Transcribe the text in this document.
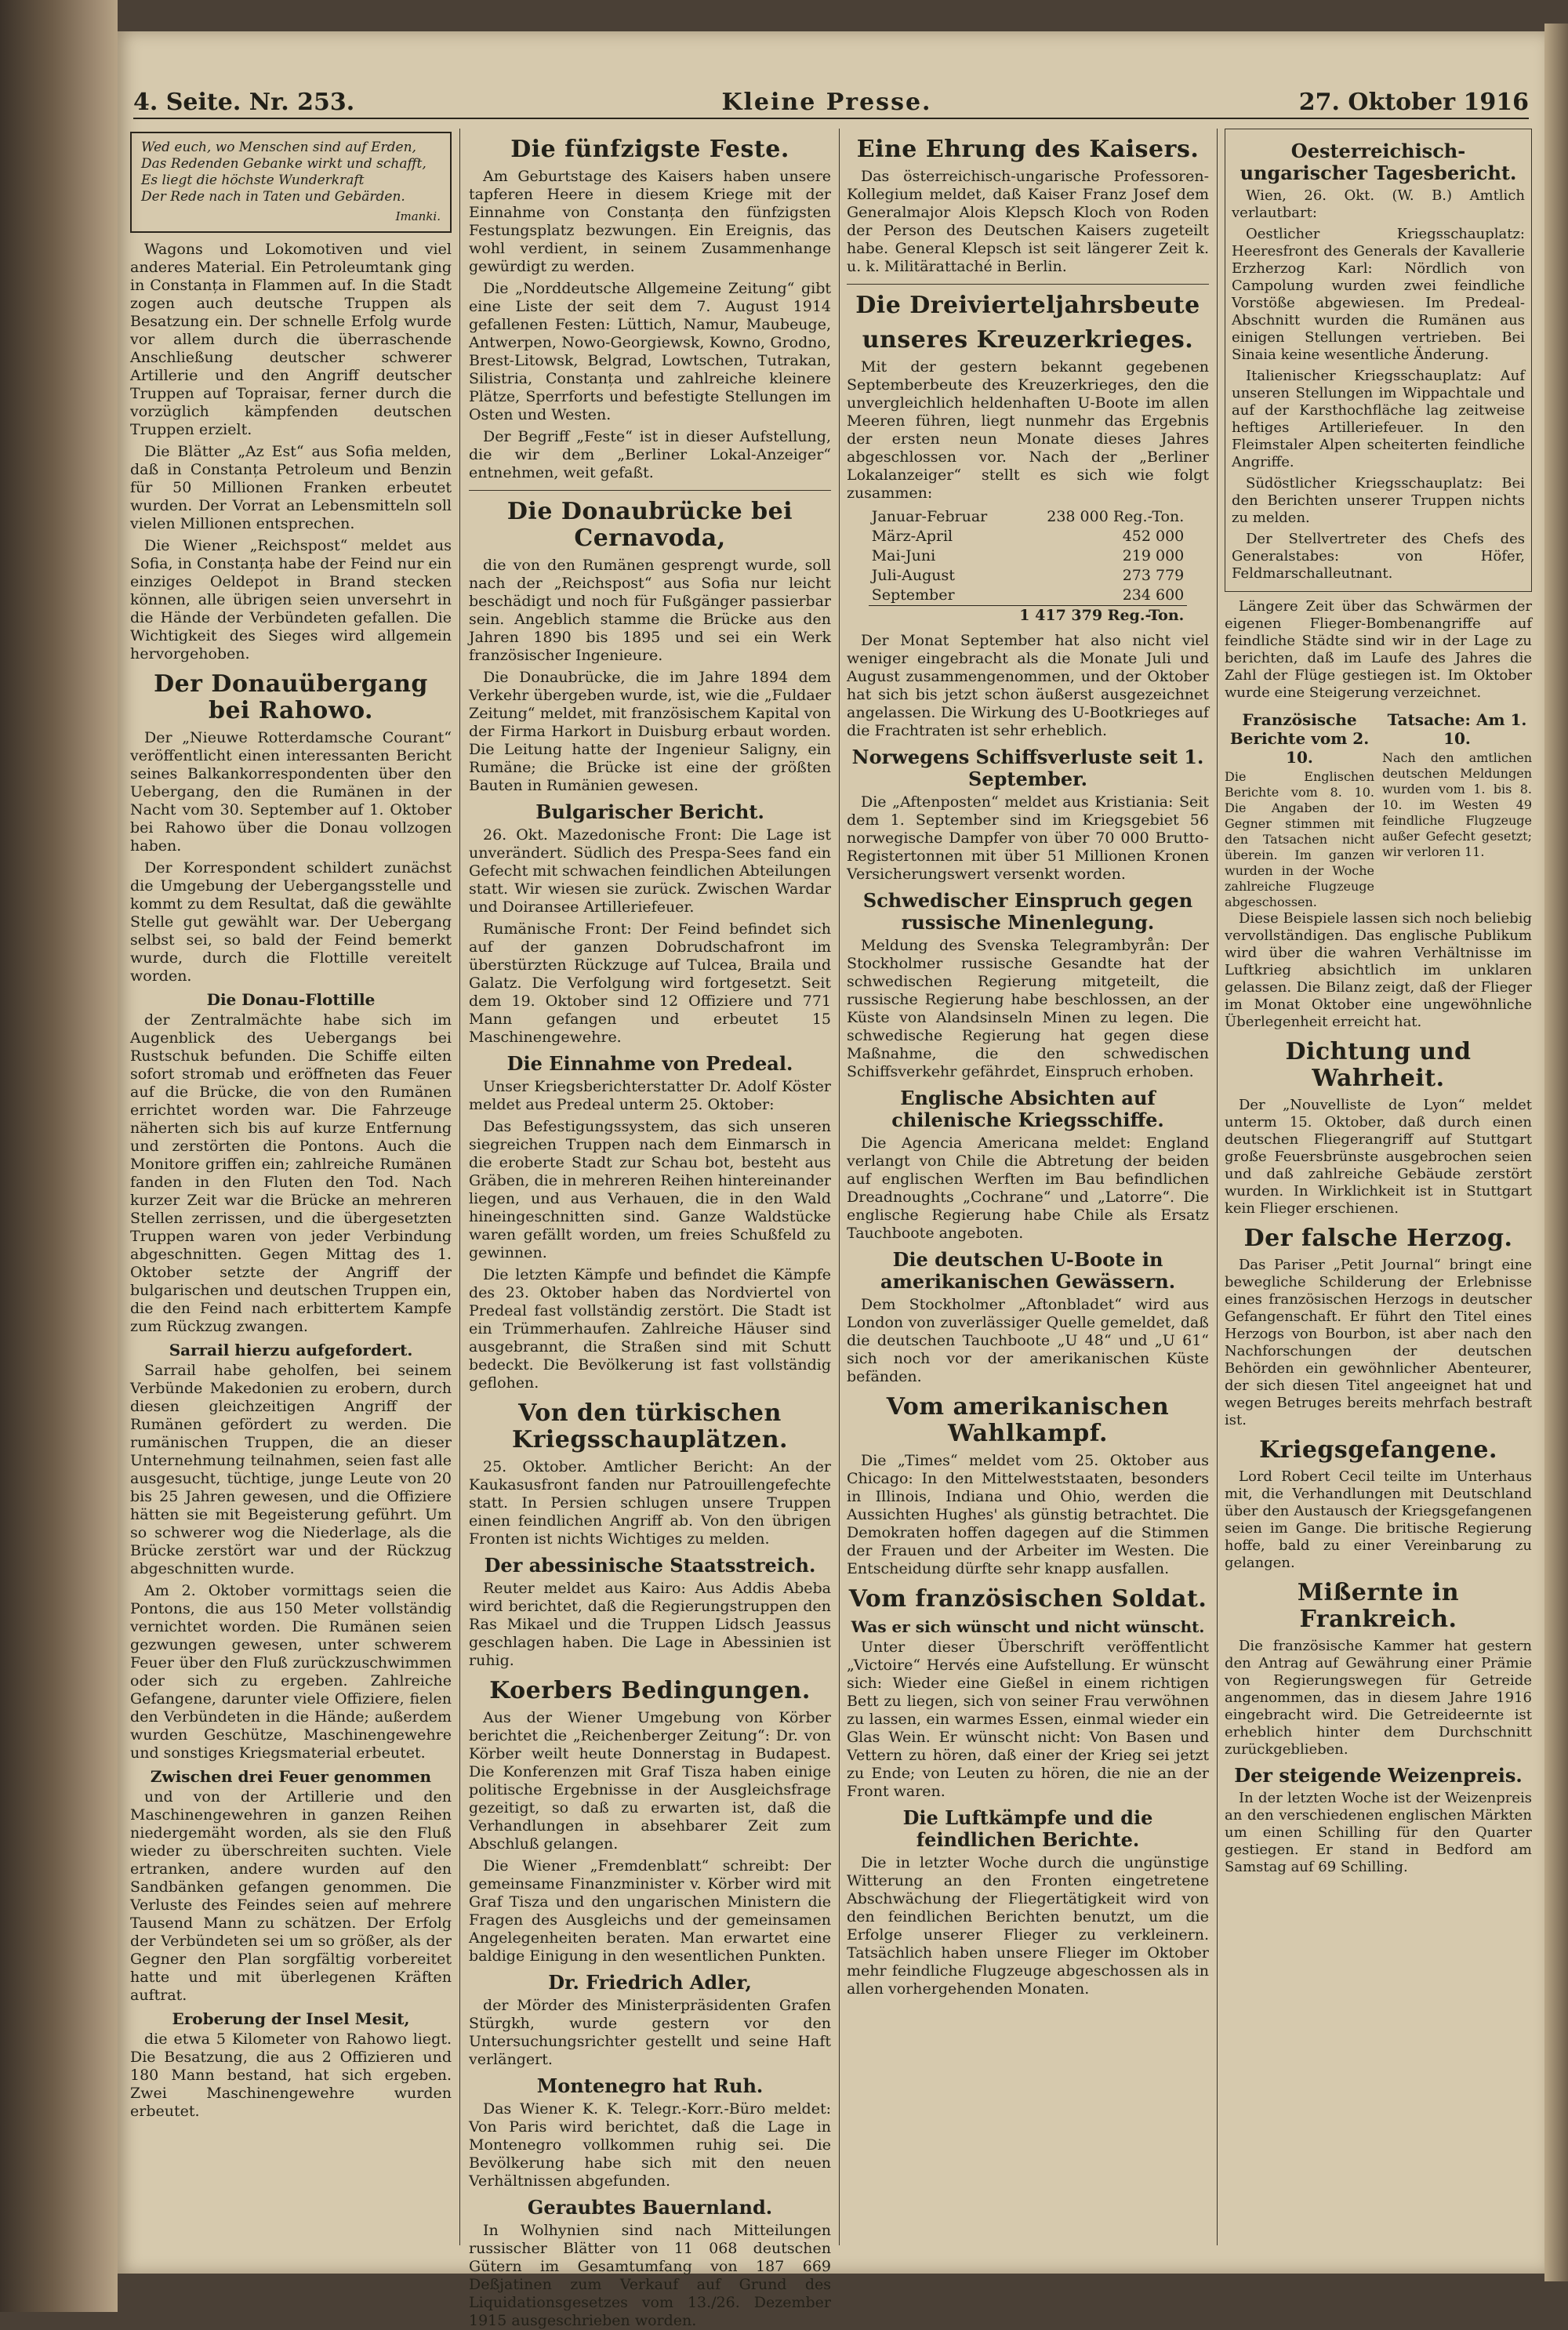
4. Seite. Nr. 253.	Kleine Presse.	27. Oktober 1916
Wed euch, wo Menschen sind auf Erden,
Das Redenden Gebanke wirkt und schafft,
Es liegt die höchste Wunderkraft
Der Rede nach in Taten und Gebärden.
Imanki.

Wagons und Lokomotiven und viel anderes Material. Ein Petroleumtank ging in Constanța in Flammen auf. In die Stadt zogen auch deutsche Truppen als Besatzung ein. Der schnelle Erfolg wurde vor allem durch die überraschende Anschließung deutscher schwerer Artillerie und den Angriff deutscher Truppen auf Topraisar, ferner durch die vorzüglich kämpfenden deutschen Truppen erzielt.

Die Blätter „Az Est“ aus Sofia melden, daß in Constanța Petroleum und Benzin für 50 Millionen Franken erbeutet wurden. Der Vorrat an Lebensmitteln soll vielen Millionen entsprechen.

Die Wiener „Reichspost“ meldet aus Sofia, in Constanța habe der Feind nur ein einziges Oeldepot in Brand stecken können, alle übrigen seien unversehrt in die Hände der Verbündeten gefallen. Die Wichtigkeit des Sieges wird allgemein hervorgehoben.

Der Donauübergang bei Rahowo.

Der „Nieuwe Rotterdamsche Courant“ veröffentlicht einen interessanten Bericht seines Balkankorrespondenten über den Uebergang, den die Rumänen in der Nacht vom 30. September auf 1. Oktober bei Rahowo über die Donau vollzogen haben.

Der Korrespondent schildert zunächst die Umgebung der Uebergangsstelle und kommt zu dem Resultat, daß die gewählte Stelle gut gewählt war. Der Uebergang selbst sei, so bald der Feind bemerkt wurde, durch die Flottille vereitelt worden.

Die Donau-Flottille

der Zentralmächte habe sich im Augenblick des Uebergangs bei Rustschuk befunden. Die Schiffe eilten sofort stromab und eröffneten das Feuer auf die Brücke, die von den Rumänen errichtet worden war. Die Fahrzeuge näherten sich bis auf kurze Entfernung und zerstörten die Pontons. Auch die Monitore griffen ein; zahlreiche Rumänen fanden in den Fluten den Tod. Nach kurzer Zeit war die Brücke an mehreren Stellen zerrissen, und die übergesetzten Truppen waren von jeder Verbindung abgeschnitten. Gegen Mittag des 1. Oktober setzte der Angriff der bulgarischen und deutschen Truppen ein, die den Feind nach erbittertem Kampfe zum Rückzug zwangen.

Sarrail hierzu aufgefordert.

Sarrail habe geholfen, bei seinem Verbünde Makedonien zu erobern, durch diesen gleichzeitigen Angriff der Rumänen gefördert zu werden. Die rumänischen Truppen, die an dieser Unternehmung teilnahmen, seien fast alle ausgesucht, tüchtige, junge Leute von 20 bis 25 Jahren gewesen, und die Offiziere hätten sie mit Begeisterung geführt. Um so schwerer wog die Niederlage, als die Brücke zerstört war und der Rückzug abgeschnitten wurde.

Am 2. Oktober vormittags seien die Pontons, die aus 150 Meter vollständig vernichtet worden. Die Rumänen seien gezwungen gewesen, unter schwerem Feuer über den Fluß zurückzuschwimmen oder sich zu ergeben. Zahlreiche Gefangene, darunter viele Offiziere, fielen den Verbündeten in die Hände; außerdem wurden Geschütze, Maschinengewehre und sonstiges Kriegsmaterial erbeutet.

Zwischen drei Feuer genommen

und von der Artillerie und den Maschinengewehren in ganzen Reihen niedergemäht worden, als sie den Fluß wieder zu überschreiten suchten. Viele ertranken, andere wurden auf den Sandbänken gefangen genommen. Die Verluste des Feindes seien auf mehrere Tausend Mann zu schätzen. Der Erfolg der Verbündeten sei um so größer, als der Gegner den Plan sorgfältig vorbereitet hatte und mit überlegenen Kräften auftrat.

Eroberung der Insel Mesit,

die etwa 5 Kilometer von Rahowo liegt. Die Besatzung, die aus 2 Offizieren und 180 Mann bestand, hat sich ergeben. Zwei Maschinengewehre wurden erbeutet.

Die fünfzigste Feste.

Am Geburtstage des Kaisers haben unsere tapferen Heere in diesem Kriege mit der Einnahme von Constanța den fünfzigsten Festungsplatz bezwungen. Ein Ereignis, das wohl verdient, in seinem Zusammenhange gewürdigt zu werden.

Die „Norddeutsche Allgemeine Zeitung“ gibt eine Liste der seit dem 7. August 1914 gefallenen Festen: Lüttich, Namur, Maubeuge, Antwerpen, Nowo-Georgiewsk, Kowno, Grodno, Brest-Litowsk, Belgrad, Lowtschen, Tutrakan, Silistria, Constanța und zahlreiche kleinere Plätze, Sperrforts und befestigte Stellungen im Osten und Westen.

Der Begriff „Feste“ ist in dieser Aufstellung, die wir dem „Berliner Lokal-Anzeiger“ entnehmen, weit gefaßt.

Die Donaubrücke bei Cernavoda,

die von den Rumänen gesprengt wurde, soll nach der „Reichspost“ aus Sofia nur leicht beschädigt und noch für Fußgänger passierbar sein. Angeblich stamme die Brücke aus den Jahren 1890 bis 1895 und sei ein Werk französischer Ingenieure.

Die Donaubrücke, die im Jahre 1894 dem Verkehr übergeben wurde, ist, wie die „Fuldaer Zeitung“ meldet, mit französischem Kapital von der Firma Harkort in Duisburg erbaut worden. Die Leitung hatte der Ingenieur Saligny, ein Rumäne; die Brücke ist eine der größten Bauten in Rumänien gewesen.

Bulgarischer Bericht.

26. Okt. Mazedonische Front: Die Lage ist unverändert. Südlich des Prespa-Sees fand ein Gefecht mit schwachen feindlichen Abteilungen statt. Wir wiesen sie zurück. Zwischen Wardar und Doiransee Artilleriefeuer.

Rumänische Front: Der Feind befindet sich auf der ganzen Dobrudschafront im überstürzten Rückzuge auf Tulcea, Braila und Galatz. Die Verfolgung wird fortgesetzt. Seit dem 19. Oktober sind 12 Offiziere und 771 Mann gefangen und erbeutet 15 Maschinengewehre.

Die Einnahme von Predeal.

Unser Kriegsberichterstatter Dr. Adolf Köster meldet aus Predeal unterm 25. Oktober:

Das Befestigungssystem, das sich unseren siegreichen Truppen nach dem Einmarsch in die eroberte Stadt zur Schau bot, besteht aus Gräben, die in mehreren Reihen hintereinander liegen, und aus Verhauen, die in den Wald hineingeschnitten sind. Ganze Waldstücke waren gefällt worden, um freies Schußfeld zu gewinnen.

Die letzten Kämpfe und befindet die Kämpfe des 23. Oktober haben das Nordviertel von Predeal fast vollständig zerstört. Die Stadt ist ein Trümmerhaufen. Zahlreiche Häuser sind ausgebrannt, die Straßen sind mit Schutt bedeckt. Die Bevölkerung ist fast vollständig geflohen.

Von den türkischen Kriegsschauplätzen.

25. Oktober. Amtlicher Bericht: An der Kaukasusfront fanden nur Patrouillengefechte statt. In Persien schlugen unsere Truppen einen feindlichen Angriff ab. Von den übrigen Fronten ist nichts Wichtiges zu melden.

Der abessinische Staatsstreich.

Reuter meldet aus Kairo: Aus Addis Abeba wird berichtet, daß die Regierungstruppen den Ras Mikael und die Truppen Lidsch Jeassus geschlagen haben. Die Lage in Abessinien ist ruhig.

Koerbers Bedingungen.

Aus der Wiener Umgebung von Körber berichtet die „Reichenberger Zeitung“: Dr. von Körber weilt heute Donnerstag in Budapest. Die Konferenzen mit Graf Tisza haben einige politische Ergebnisse in der Ausgleichsfrage gezeitigt, so daß zu erwarten ist, daß die Verhandlungen in absehbarer Zeit zum Abschluß gelangen.

Die Wiener „Fremdenblatt“ schreibt: Der gemeinsame Finanzminister v. Körber wird mit Graf Tisza und den ungarischen Ministern die Fragen des Ausgleichs und der gemeinsamen Angelegenheiten beraten. Man erwartet eine baldige Einigung in den wesentlichen Punkten.

Dr. Friedrich Adler,

der Mörder des Ministerpräsidenten Grafen Stürgkh, wurde gestern vor den Untersuchungsrichter gestellt und seine Haft verlängert.

Montenegro hat Ruh.

Das Wiener K. K. Telegr.-Korr.-Büro meldet: Von Paris wird berichtet, daß die Lage in Montenegro vollkommen ruhig sei. Die Bevölkerung habe sich mit den neuen Verhältnissen abgefunden.

Geraubtes Bauernland.

In Wolhynien sind nach Mitteilungen russischer Blätter von 11 068 deutschen Gütern im Gesamtumfang von 187 669 Deßjatinen zum Verkauf auf Grund des Liquidationsgesetzes vom 13./26. Dezember 1915 ausgeschrieben worden.

Eine Ehrung des Kaisers.

Das österreichisch-ungarische Professoren-Kollegium meldet, daß Kaiser Franz Josef dem Generalmajor Alois Klepsch Kloch von Roden der Person des Deutschen Kaisers zugeteilt habe. General Klepsch ist seit längerer Zeit k. u. k. Militärattaché in Berlin.

Die Dreivierteljahrsbeute
unseres Kreuzerkrieges.

Mit der gestern bekannt gegebenen Septemberbeute des Kreuzerkrieges, den die unvergleichlich heldenhaften U-Boote im allen Meeren führen, liegt nunmehr das Ergebnis der ersten neun Monate dieses Jahres abgeschlossen vor. Nach der „Berliner Lokalanzeiger“ stellt es sich wie folgt zusammen:

Januar-Februar	238 000 Reg.-Ton.
März-April	452 000
Mai-Juni	219 000
Juli-August	273 779
September	234 600
	1 417 379 Reg.-Ton.

Der Monat September hat also nicht viel weniger eingebracht als die Monate Juli und August zusammengenommen, und der Oktober hat sich bis jetzt schon äußerst ausgezeichnet angelassen. Die Wirkung des U-Bootkrieges auf die Frachtraten ist sehr erheblich.

Norwegens Schiffsverluste seit 1. September.

Die „Aftenposten“ meldet aus Kristiania: Seit dem 1. September sind im Kriegsgebiet 56 norwegische Dampfer von über 70 000 Brutto-Registertonnen mit über 51 Millionen Kronen Versicherungswert versenkt worden.

Schwedischer Einspruch gegen russische Minenlegung.

Meldung des Svenska Telegrambyrån: Der Stockholmer russische Gesandte hat der schwedischen Regierung mitgeteilt, die russische Regierung habe beschlossen, an der Küste von Alandsinseln Minen zu legen. Die schwedische Regierung hat gegen diese Maßnahme, die den schwedischen Schiffsverkehr gefährdet, Einspruch erhoben.

Englische Absichten auf chilenische Kriegsschiffe.

Die Agencia Americana meldet: England verlangt von Chile die Abtretung der beiden auf englischen Werften im Bau befindlichen Dreadnoughts „Cochrane“ und „Latorre“. Die englische Regierung habe Chile als Ersatz Tauchboote angeboten.

Die deutschen U-Boote in amerikanischen Gewässern.

Dem Stockholmer „Aftonbladet“ wird aus London von zuverlässiger Quelle gemeldet, daß die deutschen Tauchboote „U 48“ und „U 61“ sich noch vor der amerikanischen Küste befänden.

Vom amerikanischen Wahlkampf.

Die „Times“ meldet vom 25. Oktober aus Chicago: In den Mittelweststaaten, besonders in Illinois, Indiana und Ohio, werden die Aussichten Hughes' als günstig betrachtet. Die Demokraten hoffen dagegen auf die Stimmen der Frauen und der Arbeiter im Westen. Die Entscheidung dürfte sehr knapp ausfallen.

Vom französischen Soldat.
Was er sich wünscht und nicht wünscht.

Unter dieser Überschrift veröffentlicht „Victoire“ Hervés eine Aufstellung. Er wünscht sich: Wieder eine Gießel in einem richtigen Bett zu liegen, sich von seiner Frau verwöhnen zu lassen, ein warmes Essen, einmal wieder ein Glas Wein. Er wünscht nicht: Von Basen und Vettern zu hören, daß einer der Krieg sei jetzt zu Ende; von Leuten zu hören, die nie an der Front waren.

Die Luftkämpfe und die feindlichen Berichte.

Die in letzter Woche durch die ungünstige Witterung an den Fronten eingetretene Abschwächung der Fliegertätigkeit wird von den feindlichen Berichten benutzt, um die Erfolge unserer Flieger zu verkleinern. Tatsächlich haben unsere Flieger im Oktober mehr feindliche Flugzeuge abgeschossen als in allen vorhergehenden Monaten.

Oesterreichisch-ungarischer Tagesbericht.

Wien, 26. Okt. (W. B.) Amtlich verlautbart:

Oestlicher Kriegsschauplatz: Heeresfront des Generals der Kavallerie Erzherzog Karl: Nördlich von Campolung wurden zwei feindliche Vorstöße abgewiesen. Im Predeal-Abschnitt wurden die Rumänen aus einigen Stellungen vertrieben. Bei Sinaia keine wesentliche Änderung.

Italienischer Kriegsschauplatz: Auf unseren Stellungen im Wippachtale und auf der Karsthochfläche lag zeitweise heftiges Artilleriefeuer. In den Fleimstaler Alpen scheiterten feindliche Angriffe.

Südöstlicher Kriegsschauplatz: Bei den Berichten unserer Truppen nichts zu melden.

Der Stellvertreter des Chefs des Generalstabes: von Höfer, Feldmarschalleutnant.

Längere Zeit über das Schwärmen der eigenen Flieger-Bombenangriffe auf feindliche Städte sind wir in der Lage zu berichten, daß im Laufe des Jahres die Zahl der Flüge gestiegen ist. Im Oktober wurde eine Steigerung verzeichnet.

Französische Berichte vom 2. 10.
Die Englischen Berichte vom 8. 10. Die Angaben der Gegner stimmen mit den Tatsachen nicht überein. Im ganzen wurden in der Woche zahlreiche Flugzeuge abgeschossen.
Tatsache: Am 1. 10.
Nach den amtlichen deutschen Meldungen wurden vom 1. bis 8. 10. im Westen 49 feindliche Flugzeuge außer Gefecht gesetzt; wir verloren 11.

Diese Beispiele lassen sich noch beliebig vervollständigen. Das englische Publikum wird über die wahren Verhältnisse im Luftkrieg absichtlich im unklaren gelassen. Die Bilanz zeigt, daß der Flieger im Monat Oktober eine ungewöhnliche Überlegenheit erreicht hat.

Dichtung und Wahrheit.

Der „Nouvelliste de Lyon“ meldet unterm 15. Oktober, daß durch einen deutschen Fliegerangriff auf Stuttgart große Feuersbrünste ausgebrochen seien und daß zahlreiche Gebäude zerstört wurden. In Wirklichkeit ist in Stuttgart kein Flieger erschienen.

Der falsche Herzog.

Das Pariser „Petit Journal“ bringt eine bewegliche Schilderung der Erlebnisse eines französischen Herzogs in deutscher Gefangenschaft. Er führt den Titel eines Herzogs von Bourbon, ist aber nach den Nachforschungen der deutschen Behörden ein gewöhnlicher Abenteurer, der sich diesen Titel angeeignet hat und wegen Betruges bereits mehrfach bestraft ist.

Kriegsgefangene.

Lord Robert Cecil teilte im Unterhaus mit, die Verhandlungen mit Deutschland über den Austausch der Kriegsgefangenen seien im Gange. Die britische Regierung hoffe, bald zu einer Vereinbarung zu gelangen.

Mißernte in Frankreich.

Die französische Kammer hat gestern den Antrag auf Gewährung einer Prämie von Regierungswegen für Getreide angenommen, das in diesem Jahre 1916 eingebracht wird. Die Getreideernte ist erheblich hinter dem Durchschnitt zurückgeblieben.

Der steigende Weizenpreis.

In der letzten Woche ist der Weizenpreis an den verschiedenen englischen Märkten um einen Schilling für den Quarter gestiegen. Er stand in Bedford am Samstag auf 69 Schilling.
